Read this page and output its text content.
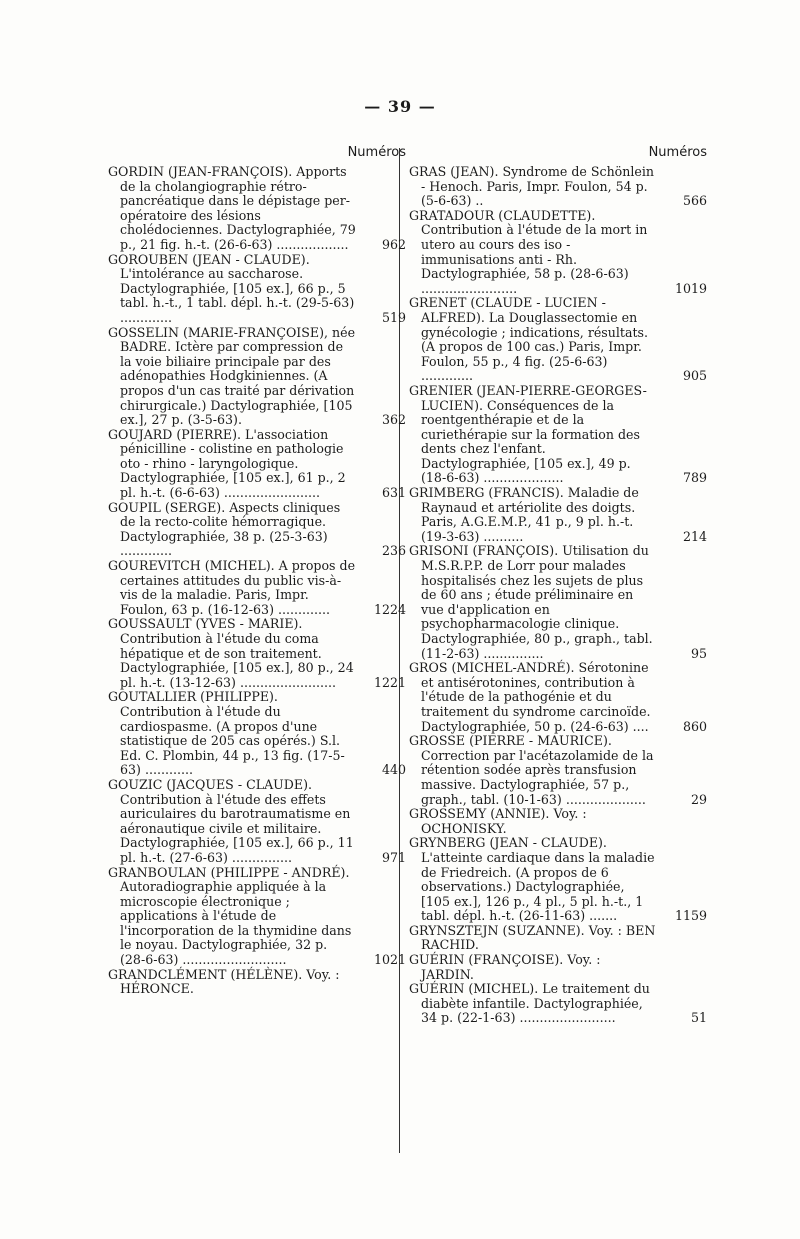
— 39 —
Numéros
GORDIN (JEAN-FRANÇOIS). Apports de la cholangiographie rétro-pancréatique dans le dépistage per-opératoire des lésions cholédociennes. Dactylographiée, 79 p., 21 fig. h.-t. (26-6-63) ..................	962
GOROUBEN (JEAN - CLAUDE). L'intolérance au saccharose. Dactylographiée, [105 ex.], 66 p., 5 tabl. h.-t., 1 tabl. dépl. h.-t. (29-5-63) .............	519
GOSSELIN (MARIE-FRANÇOISE), née BADRE. Ictère par compression de la voie biliaire principale par des adénopathies Hodgkiniennes. (A propos d'un cas traité par dérivation chirurgicale.) Dactylographiée, [105 ex.], 27 p. (3-5-63).	362
GOUJARD (PIERRE). L'association pénicilline - colistine en pathologie oto - rhino - laryngologique. Dactylographiée, [105 ex.], 61 p., 2 pl. h.-t. (6-6-63) ........................	631
GOUPIL (SERGE). Aspects cliniques de la recto-colite hémorragique. Dactylographiée, 38 p. (25-3-63) .............	236
GOUREVITCH (MICHEL). A propos de certaines attitudes du public vis-à-vis de la maladie. Paris, Impr. Foulon, 63 p. (16-12-63) .............	1224
GOUSSAULT (YVES - MARIE). Contribution à l'étude du coma hépatique et de son traitement. Dactylographiée, [105 ex.], 80 p., 24 pl. h.-t. (13-12-63) ........................	1221
GOUTALLIER (PHILIPPE). Contribution à l'étude du cardiospasme. (A propos d'une statistique de 205 cas opérés.) S.l. Ed. C. Plombin, 44 p., 13 fig. (17-5-63) ............	440
GOUZIC (JACQUES - CLAUDE). Contribution à l'étude des effets auriculaires du barotraumatisme en aéronautique civile et militaire. Dactylographiée, [105 ex.], 66 p., 11 pl. h.-t. (27-6-63) ...............	971
GRANBOULAN (PHILIPPE - ANDRÉ). Autoradiographie appliquée à la microscopie électronique ; applications à l'étude de l'incorporation de la thymidine dans le noyau. Dactylographiée, 32 p. (28-6-63) ..........................	1021
GRANDCLÉMENT (HÉLÈNE). Voy. : HÉRONCE.
Numéros
GRAS (JEAN). Syndrome de Schönlein - Henoch. Paris, Impr. Foulon, 54 p. (5-6-63) ..	566
GRATADOUR (CLAUDETTE). Contribution à l'étude de la mort in utero au cours des iso - immunisations anti - Rh. Dactylographiée, 58 p. (28-6-63) ........................	1019
GRENET (CLAUDE - LUCIEN - ALFRED). La Douglassectomie en gynécologie ; indications, résultats. (A propos de 100 cas.) Paris, Impr. Foulon, 55 p., 4 fig. (25-6-63) .............	905
GRENIER (JEAN-PIERRE-GEORGES-LUCIEN). Conséquences de la roentgenthérapie et de la curiethérapie sur la formation des dents chez l'enfant. Dactylographiée, [105 ex.], 49 p. (18-6-63) ....................	789
GRIMBERG (FRANCIS). Maladie de Raynaud et artériolite des doigts. Paris, A.G.E.M.P., 41 p., 9 pl. h.-t. (19-3-63) ..........	214
GRISONI (FRANÇOIS). Utilisation du M.S.R.P.P. de Lorr pour malades hospitalisés chez les sujets de plus de 60 ans ; étude préliminaire en vue d'application en psychopharmacologie clinique. Dactylographiée, 80 p., graph., tabl. (11-2-63) ...............	95
GROS (MICHEL-ANDRÉ). Sérotonine et antisérotonines, contribution à l'étude de la pathogénie et du traitement du syndrome carcinoïde. Dactylographiée, 50 p. (24-6-63) ....	860
GROSSE (PIERRE - MAURICE). Correction par l'acétazolamide de la rétention sodée après transfusion massive. Dactylographiée, 57 p., graph., tabl. (10-1-63) ....................	29
GROSSEMY (ANNIE). Voy. : OCHONISKY.
GRYNBERG (JEAN - CLAUDE). L'atteinte cardiaque dans la maladie de Friedreich. (A propos de 6 observations.) Dactylographiée, [105 ex.], 126 p., 4 pl., 5 pl. h.-t., 1 tabl. dépl. h.-t. (26-11-63) .......	1159
GRYNSZTEJN (SUZANNE). Voy. : BEN RACHID.
GUÉRIN (FRANÇOISE). Voy. : JARDIN.
GUÉRIN (MICHEL). Le traitement du diabète infantile. Dactylographiée, 34 p. (22-1-63) ........................	51
